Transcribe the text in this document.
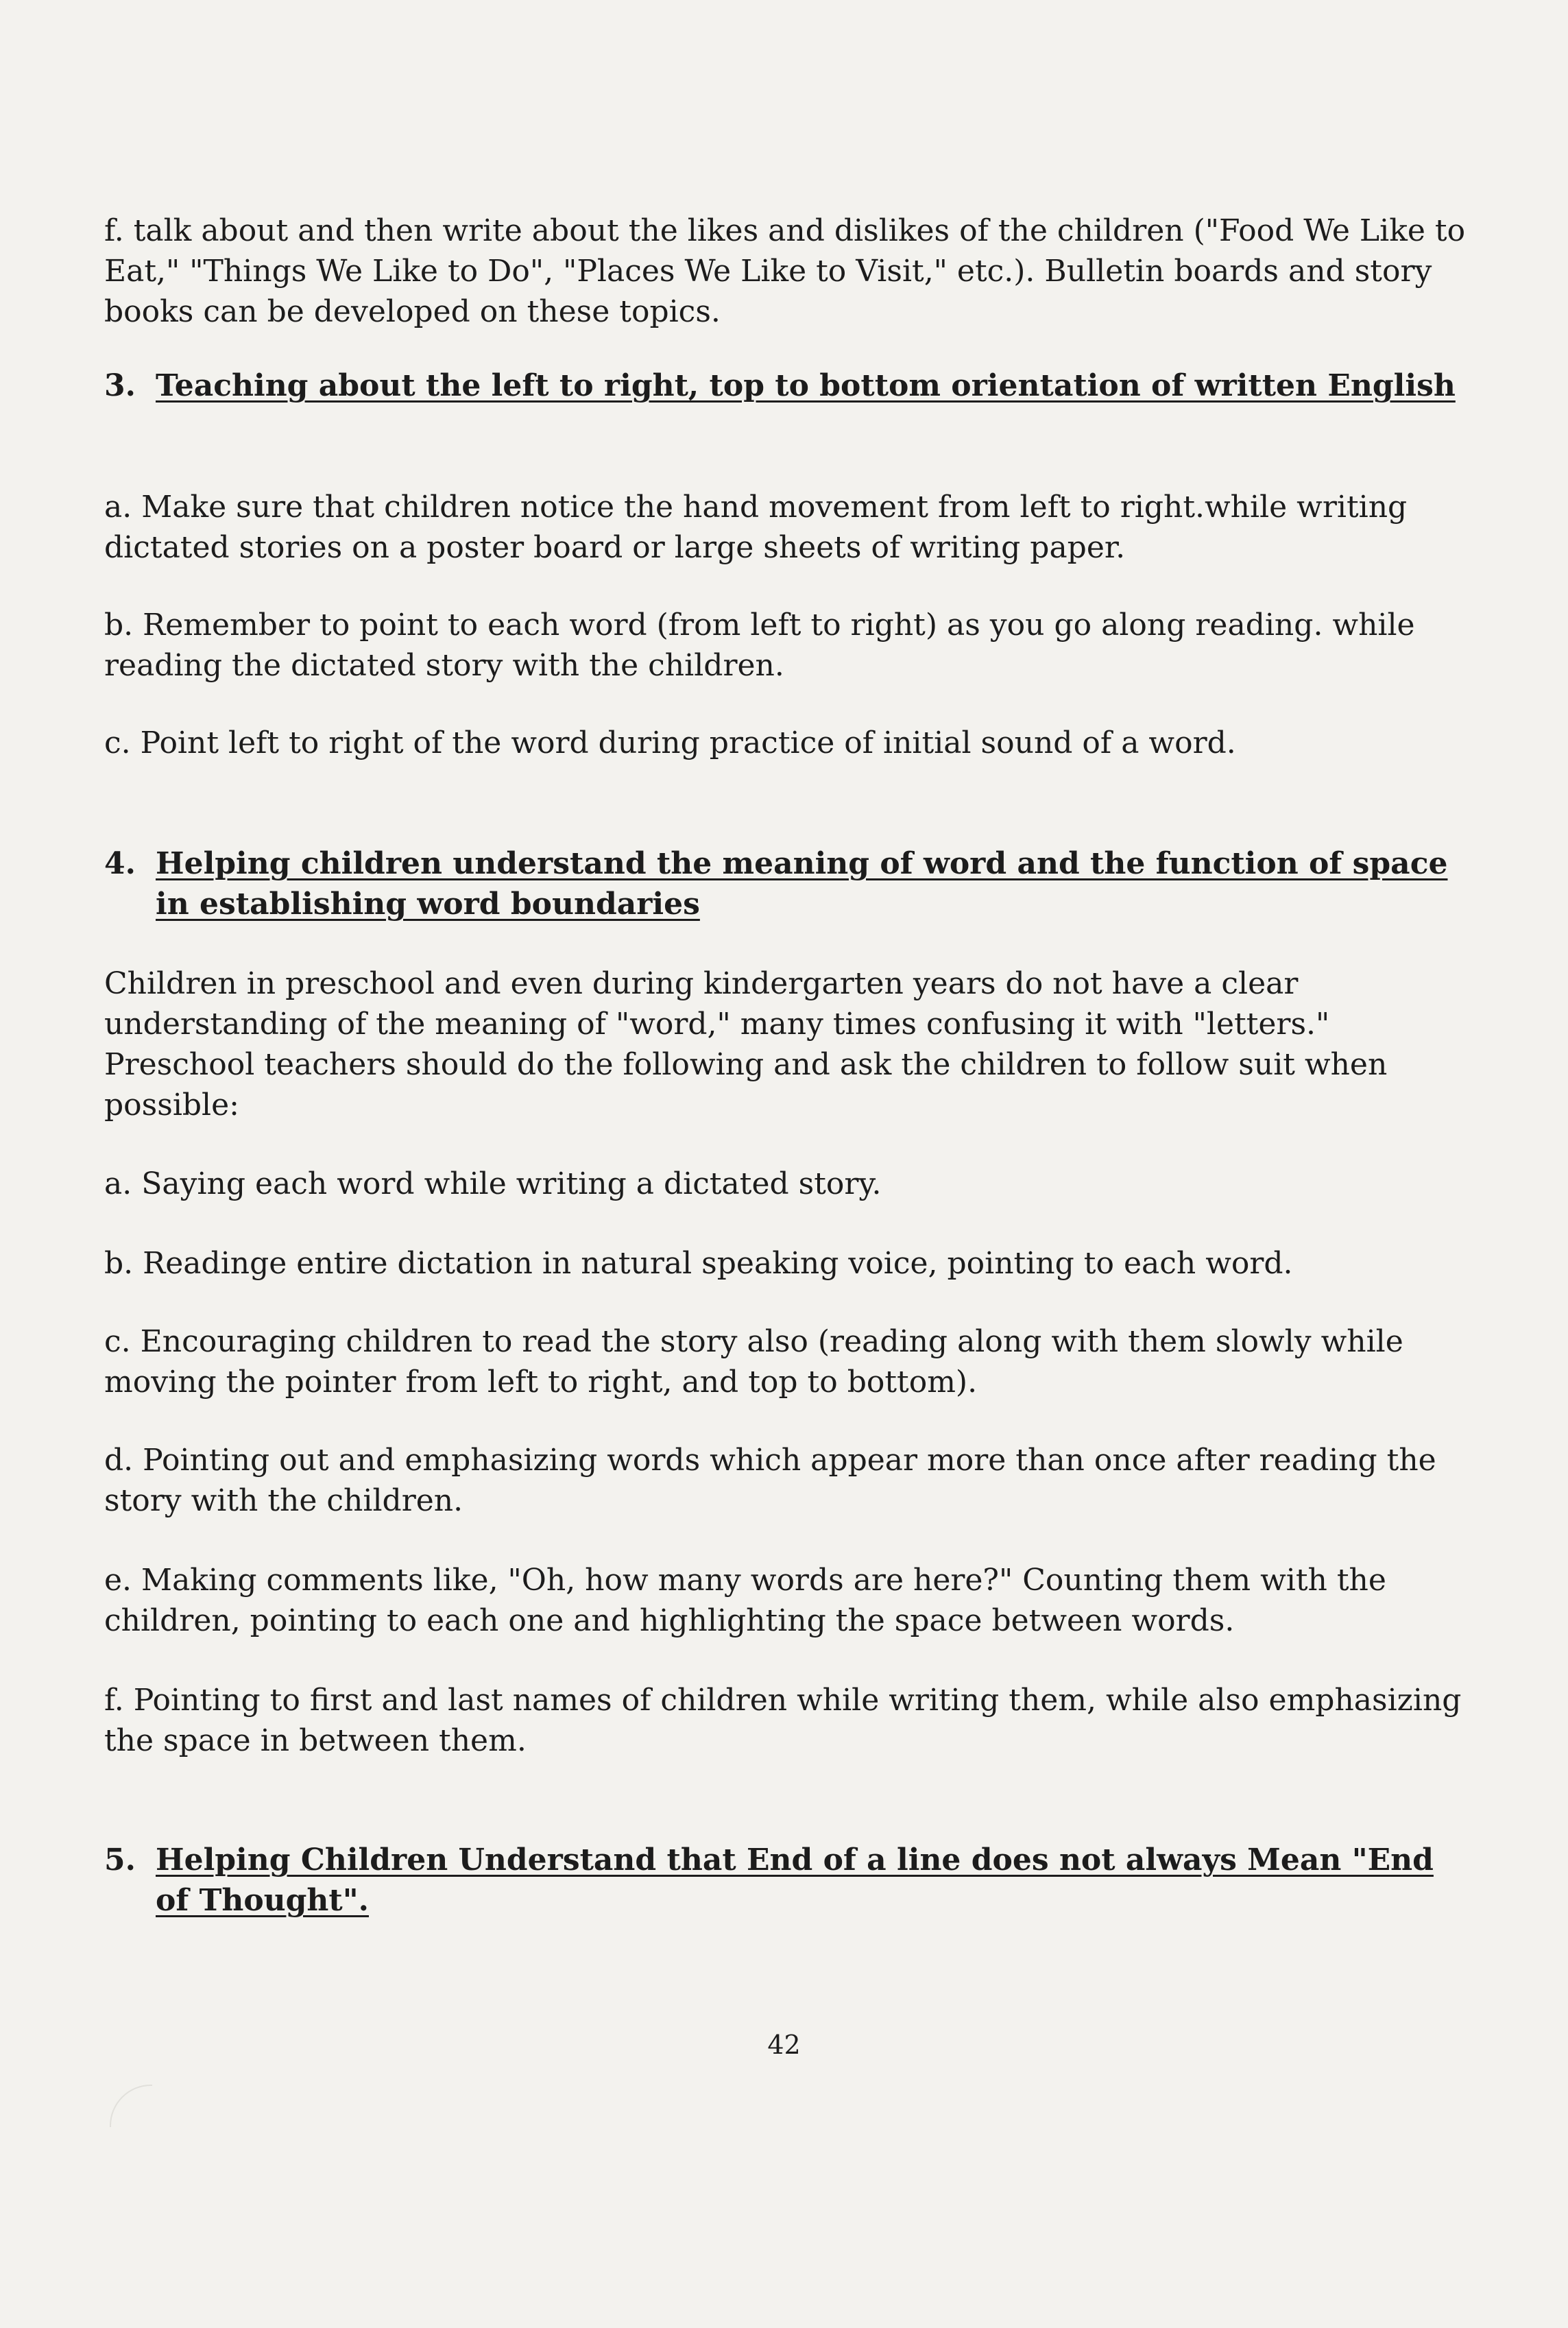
f. talk about and then write about the likes and dislikes of the children ("Food We Like to Eat," "Things We Like to Do", "Places We Like to Visit," etc.). Bulletin boards and story books can be developed on these topics.

3. Teaching about the left to right, top to bottom orientation of written English

a. Make sure that children notice the hand movement from left to right.while writing dictated stories on a poster board or large sheets of writing paper.

b. Remember to point to each word (from left to right) as you go along reading. while reading the dictated story with the children.

c. Point left to right of the word during practice of initial sound of a word.

4. Helping children understand the meaning of word and the function of space in establishing word boundaries

Children in preschool and even during kindergarten years do not have a clear understanding of the meaning of "word," many times confusing it with "letters." Preschool teachers should do the following and ask the children to follow suit when possible:

a. Saying each word while writing a dictated story.

b. Readinge entire dictation in natural speaking voice, pointing to each word.

c. Encouraging children to read the story also (reading along with them slowly while moving the pointer from left to right, and top to bottom).

d. Pointing out and emphasizing words which appear more than once after reading the story with the children.

e. Making comments like, "Oh, how many words are here?" Counting them with the children, pointing to each one and highlighting the space between words.

f. Pointing to first and last names of children while writing them, while also emphasizing the space in between them.

5. Helping Children Understand that End of a line does not always Mean "End of Thought".
42
